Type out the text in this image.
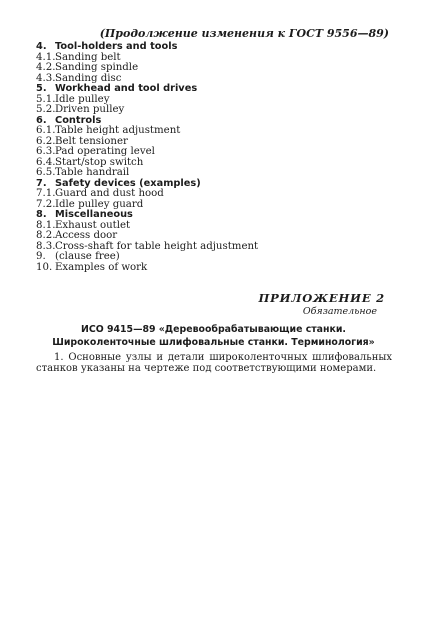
(Продолжение изменения к ГОСТ 9556—89)
4. Tool-holders and tools
4.1. Sanding belt
4.2. Sanding spindle
4.3. Sanding disc
5. Workhead and tool drives
5.1. Idle pulley
5.2. Driven pulley
6. Controls
6.1. Table height adjustment
6.2. Belt tensioner
6.3. Pad operating level
6.4. Start/stop switch
6.5. Table handrail
7. Safety devices (examples)
7.1. Guard and dust hood
7.2. Idle pulley guard
8. Miscellaneous
8.1. Exhaust outlet
8.2. Access door
8.3. Cross-shaft for table height adjustment
9. (clause free)
10. Examples of work
ПРИЛОЖЕНИЕ 2
Обязательное
ИСО 9415—89 «Деревообрабатывающие станки.
Широколенточные шлифовальные станки. Терминология»
1. Основные узлы и детали широколенточных шлифовальных станков указаны на чертеже под соответствующими номерами.
